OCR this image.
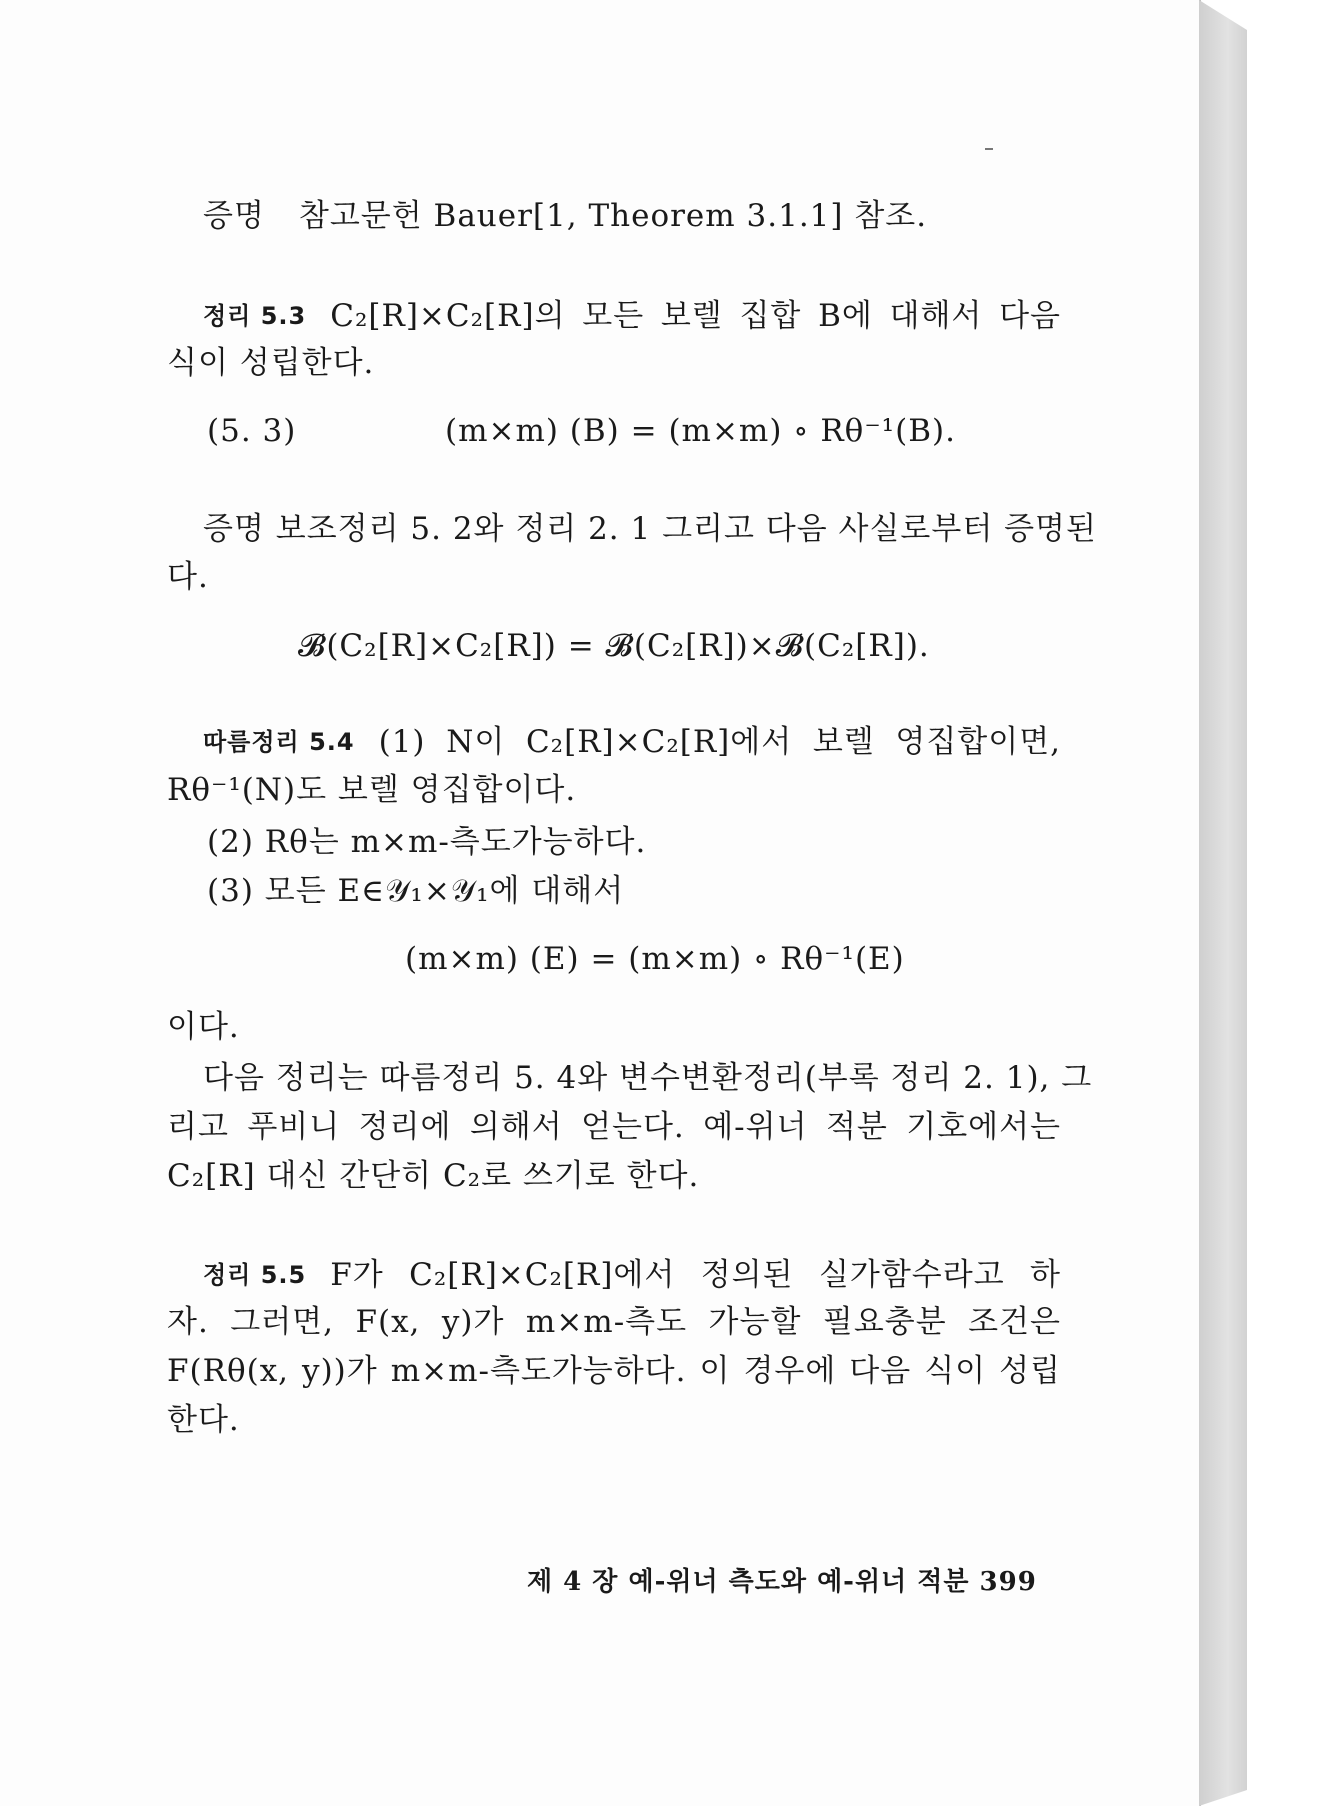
증명 참고문헌 Bauer[1, Theorem 3.1.1] 참조.
정리 5.3 C₂[R]×C₂[R]의 모든 보렐 집합 B에 대해서 다음
식이 성립한다.
(5. 3)	(m×m) (B) = (m×m) ∘ Rθ⁻¹(B).
증명 보조정리 5. 2와 정리 2. 1 그리고 다음 사실로부터 증명된
다.
𝓑(C₂[R]×C₂[R]) = 𝓑(C₂[R])×𝓑(C₂[R]).
따름정리 5.4 (1) N이 C₂[R]×C₂[R]에서 보렐 영집합이면,
Rθ⁻¹(N)도 보렐 영집합이다.
(2) Rθ는 m×m-측도가능하다.
(3) 모든 E∈𝒴₁×𝒴₁에 대해서
(m×m) (E) = (m×m) ∘ Rθ⁻¹(E)
이다.
다음 정리는 따름정리 5. 4와 변수변환정리(부록 정리 2. 1), 그
리고 푸비니 정리에 의해서 얻는다. 예-위너 적분 기호에서는
C₂[R] 대신 간단히 C₂로 쓰기로 한다.
정리 5.5 F가 C₂[R]×C₂[R]에서 정의된 실가함수라고 하
자. 그러면, F(x, y)가 m×m-측도 가능할 필요충분 조건은
F(Rθ(x, y))가 m×m-측도가능하다. 이 경우에 다음 식이 성립
한다.
제 4 장 예-위너 측도와 예-위너 적분 399
